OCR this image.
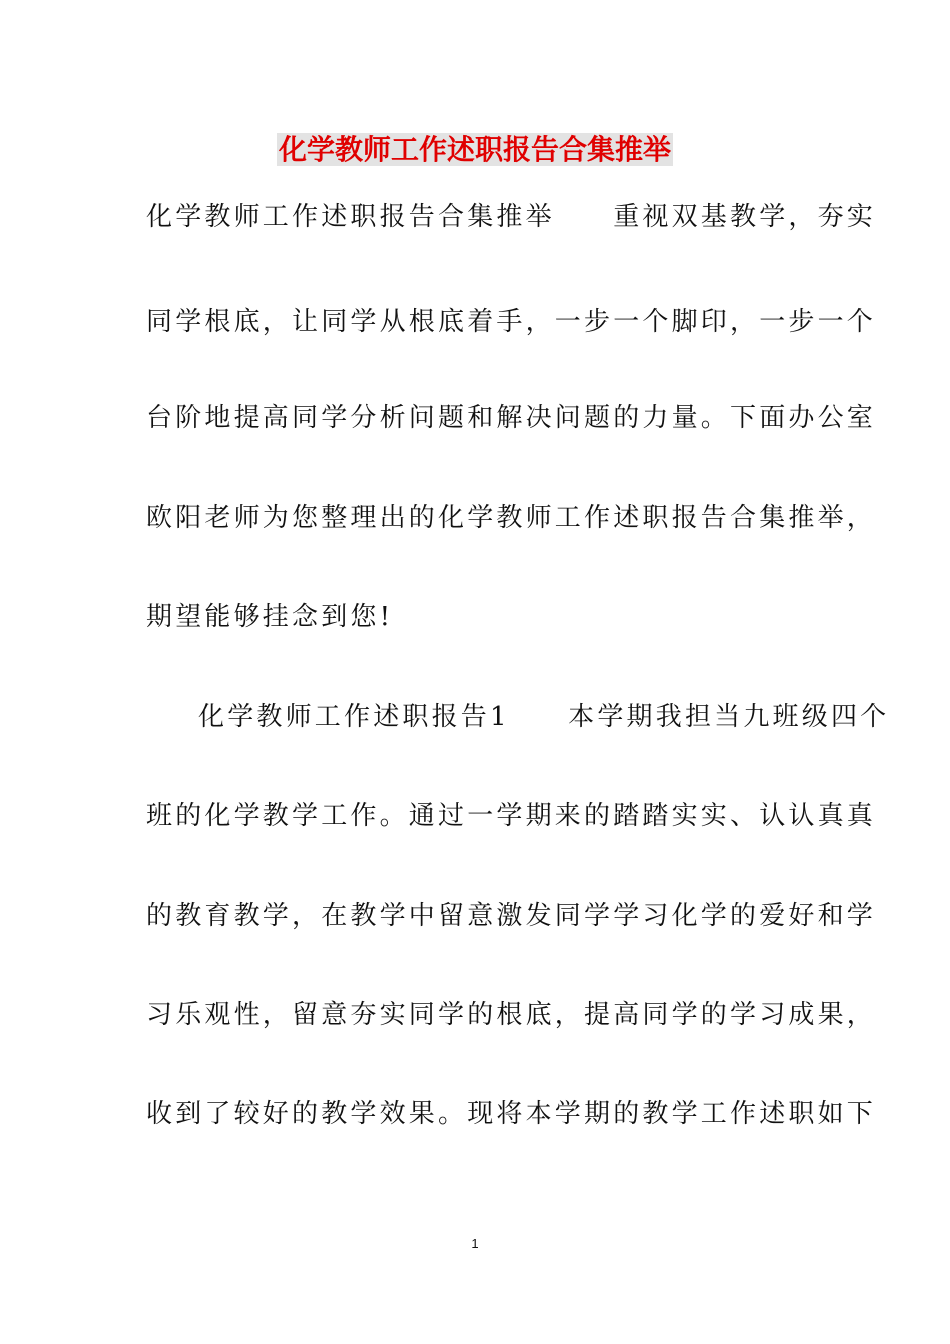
化学教师工作述职报告合集推举
化学教师工作述职报告合集推举　　重视双基教学，夯实
同学根底，让同学从根底着手，一步一个脚印，一步一个
台阶地提高同学分析问题和解决问题的力量。下面办公室
欧阳老师为您整理出的化学教师工作述职报告合集推举，
期望能够挂念到您!
化学教师工作述职报告1　　本学期我担当九班级四个
班的化学教学工作。通过一学期来的踏踏实实、认认真真
的教育教学，在教学中留意激发同学学习化学的爱好和学
习乐观性，留意夯实同学的根底，提高同学的学习成果，
收到了较好的教学效果。现将本学期的教学工作述职如下
1
